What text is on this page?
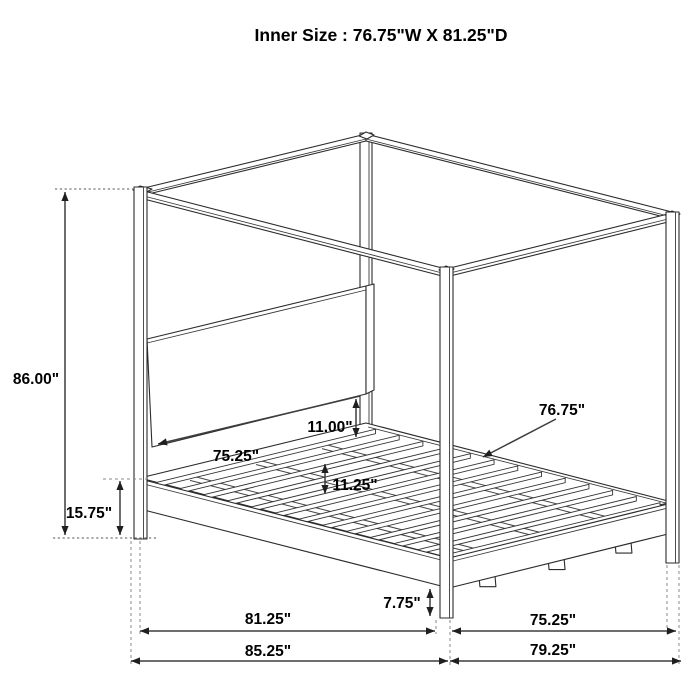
Inner Size : 76.75"W X 81.25"D
86.00"
15.75"
75.25"
11.00"
11.25"
76.75"
7.75"
81.25"	75.25"
85.25"	79.25"
